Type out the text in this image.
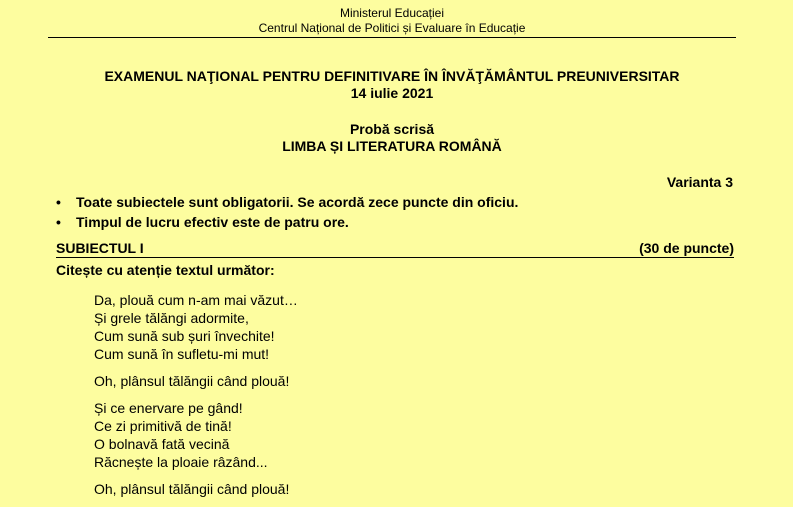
Ministerul Educației
Centrul Național de Politici și Evaluare în Educație
EXAMENUL NAŢIONAL PENTRU DEFINITIVARE ÎN ÎNVĂŢĂMÂNTUL PREUNIVERSITAR
14 iulie 2021
Probă scrisă
LIMBA ȘI LITERATURA ROMÂNĂ
Varianta 3
• Toate subiectele sunt obligatorii. Se acordă zece puncte din oficiu.
• Timpul de lucru efectiv este de patru ore.
SUBIECTUL I	(30 de puncte)
Citește cu atenție textul următor:
Da, plouă cum n-am mai văzut…
Și grele tălăngi adormite,
Cum sună sub șuri învechite!
Cum sună în sufletu-mi mut!
Oh, plânsul tălăngii când plouă!
Și ce enervare pe gând!
Ce zi primitivă de tină!
O bolnavă fată vecină
Răcnește la ploaie râzând...
Oh, plânsul tălăngii când plouă!
